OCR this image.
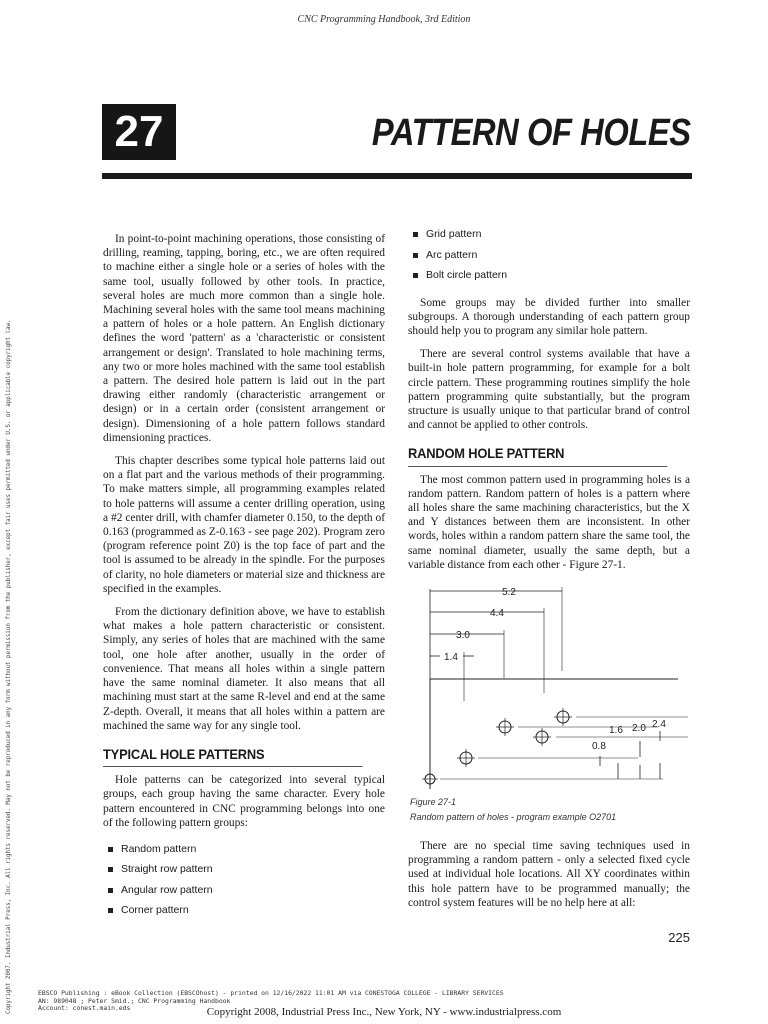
CNC Programming Handbook, 3rd Edition
27	PATTERN OF HOLES

In point-to-point machining operations, those consisting of drilling, reaming, tapping, boring, etc., we are often required to machine either a single hole or a series of holes with the same tool, usually followed by other tools. In practice, several holes are much more common than a single hole. Machining several holes with the same tool means machining a pattern of holes or a hole pattern. An English dictionary defines the word 'pattern' as a 'characteristic or consistent arrangement or design'. Translated to hole machining terms, any two or more holes machined with the same tool establish a pattern. The desired hole pattern is laid out in the part drawing either randomly (characteristic arrangement or design) or in a certain order (consistent arrangement or design). Dimensioning of a hole pattern follows standard dimensioning practices.

This chapter describes some typical hole patterns laid out on a flat part and the various methods of their programming. To make matters simple, all programming examples related to hole patterns will assume a center drilling operation, using a #2 center drill, with chamfer diameter 0.150, to the depth of 0.163 (programmed as Z-0.163 - see page 202). Program zero (program reference point Z0) is the top face of part and the tool is assumed to be already in the spindle. For the purposes of clarity, no hole diameters or material size and thickness are specified in the examples.

From the dictionary definition above, we have to establish what makes a hole pattern characteristic or consistent. Simply, any series of holes that are machined with the same tool, one hole after another, usually in the order of convenience. That means all holes within a single pattern have the same nominal diameter. It also means that all machining must start at the same R-level and end at the same Z-depth. Overall, it means that all holes within a pattern are machined the same way for any single tool.

TYPICAL HOLE PATTERNS

Hole patterns can be categorized into several typical groups, each group having the same character. Every hole pattern encountered in CNC programming belongs into one of the following pattern groups:

Random pattern
Straight row pattern
Angular row pattern
Corner pattern
Grid pattern
Arc pattern
Bolt circle pattern

Some groups may be divided further into smaller subgroups. A thorough understanding of each pattern group should help you to program any similar hole pattern.

There are several control systems available that have a built-in hole pattern programming, for example for a bolt circle pattern. These programming routines simplify the hole pattern programming quite substantially, but the program structure is usually unique to that particular brand of control and cannot be applied to other controls.

RANDOM HOLE PATTERN

The most common pattern used in programming holes is a random pattern. Random pattern of holes is a pattern where all holes share the same machining characteristics, but the X and Y distances between them are inconsistent. In other words, holes within a random pattern share the same tool, the same nominal diameter, usually the same depth, but a variable distance from each other - Figure 27-1.

5.2
4.4
3.0
1.4
1.6 2.0 2.4
0.8
Figure 27-1
Random pattern of holes - program example O2701

There are no special time saving techniques used in programming a random pattern - only a selected fixed cycle used at individual hole locations. All XY coordinates within this hole pattern have to be programmed manually; the control system features will be no help here at all:

225
Copyright 2007. Industrial Press, Inc. All rights reserved. May not be reproduced in any form without permission from the publisher, except fair uses permitted under U.S. or applicable copyright law.	EBSCO Publishing : eBook Collection (EBSCOhost) - printed on 12/16/2022 11:01 AM via CONESTOGA COLLEGE - LIBRARY SERVICES
AN: 989048 ; Peter Smid.; CNC Programming Handbook
Account: conest.main.eds	Copyright 2008, Industrial Press Inc., New York, NY - www.industrialpress.com
